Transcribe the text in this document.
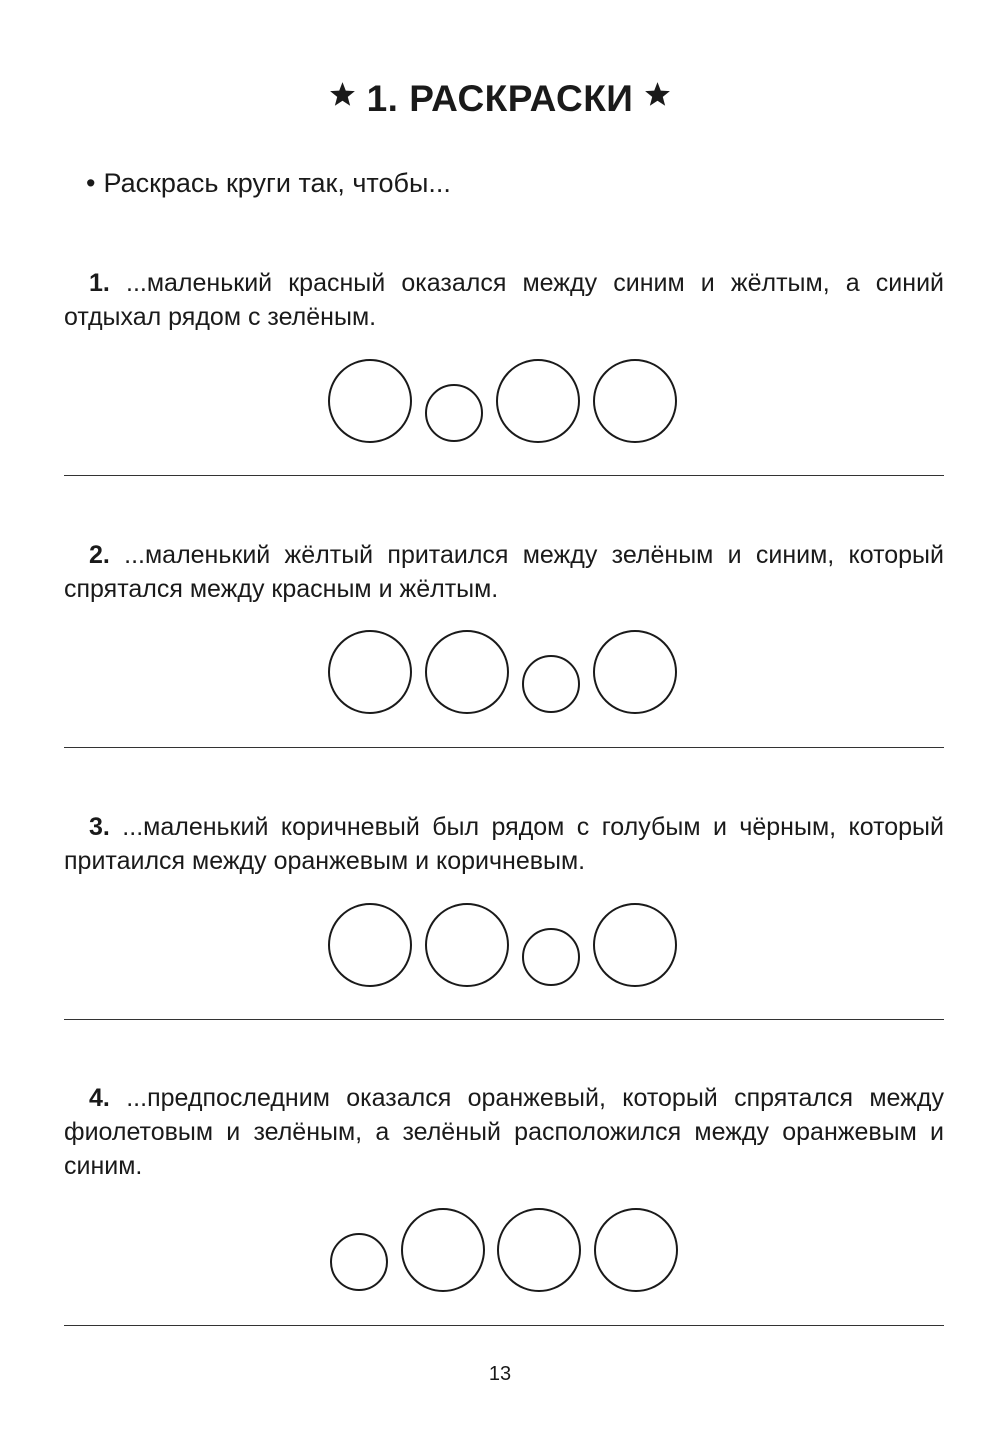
1. РАСКРАСКИ
• Раскрась круги так, чтобы...
1. ...маленький красный оказался между синим и жёлтым, а синий отдыхал рядом с зелёным.
2. ...маленький жёлтый притаился между зелёным и синим, который спрятался между красным и жёлтым.
3. ...маленький коричневый был рядом с голубым и чёрным, который притаился между оранжевым и коричневым.
4. ...предпоследним оказался оранжевый, который спрятался между фиолетовым и зелёным, а зелёный расположился между оранжевым и синим.
13
